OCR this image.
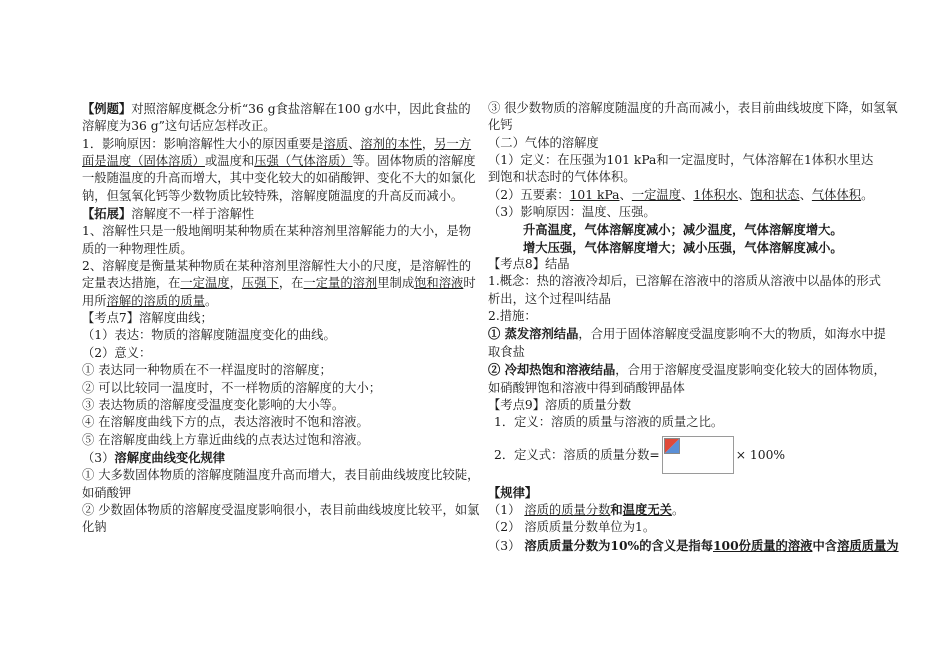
【例题】对照溶解度概念分析“36 g食盐溶解在100 g水中，因此食盐的
溶解度为36 g”这句话应怎样改正。
1．影响原因：影响溶解性大小的原因重要是溶质、溶剂的本性，另一方
面是温度（固体溶质）或温度和压强（气体溶质）等。固体物质的溶解度
一般随温度的升高而增大，其中变化较大的如硝酸钾、变化不大的如氯化
钠，但氢氧化钙等少数物质比较特殊，溶解度随温度的升高反而减小。
【拓展】溶解度不一样于溶解性
1、溶解性只是一般地阐明某种物质在某种溶剂里溶解能力的大小，是物
质的一种物理性质。
2、溶解度是衡量某种物质在某种溶剂里溶解性大小的尺度，是溶解性的
定量表达措施，在一定温度，压强下，在一定量的溶剂里制成饱和溶液时
用所溶解的溶质的质量。
【考点7】溶解度曲线；
（1）表达：物质的溶解度随温度变化的曲线。
（2）意义：
① 表达同一种物质在不一样温度时的溶解度；
② 可以比较同一温度时，不一样物质的溶解度的大小；
③ 表达物质的溶解度受温度变化影响的大小等。
④ 在溶解度曲线下方的点，表达溶液时不饱和溶液。
⑤ 在溶解度曲线上方靠近曲线的点表达过饱和溶液。
（3）溶解度曲线变化规律
① 大多数固体物质的溶解度随温度升高而增大，表目前曲线坡度比较陡，
如硝酸钾
② 少数固体物质的溶解度受温度影响很小，表目前曲线坡度比较平，如氯
化钠
③ 很少数物质的溶解度随温度的升高而减小，表目前曲线坡度下降，如氢氧
化钙
（二）气体的溶解度
（1）定义：在压强为101 kPa和一定温度时，气体溶解在1体积水里达
到饱和状态时的气体体积。
（2）五要素：101 kPa、一定温度、1体积水、饱和状态、气体体积。
（3）影响原因：温度、压强。
升高温度，气体溶解度减小；减少温度，气体溶解度增大。
增大压强，气体溶解度增大；减小压强，气体溶解度减小。
【考点8】结晶
1.概念：热的溶液冷却后，已溶解在溶液中的溶质从溶液中以晶体的形式
析出，这个过程叫结晶
2.措施：
① 蒸发溶剂结晶，合用于固体溶解度受温度影响不大的物质，如海水中提
取食盐
② 冷却热饱和溶液结晶，合用于溶解度受温度影响变化较大的固体物质，
如硝酸钾饱和溶液中得到硝酸钾晶体
【考点9】溶质的质量分数
1．定义：溶质的质量与溶液的质量之比。
2．定义式：溶质的质量分数=	× 100%
【规律】
（1） 溶质的质量分数和温度无关。
（2） 溶质质量分数单位为1。
（3） 溶质质量分数为10%的含义是指每100份质量的溶液中含溶质质量为
